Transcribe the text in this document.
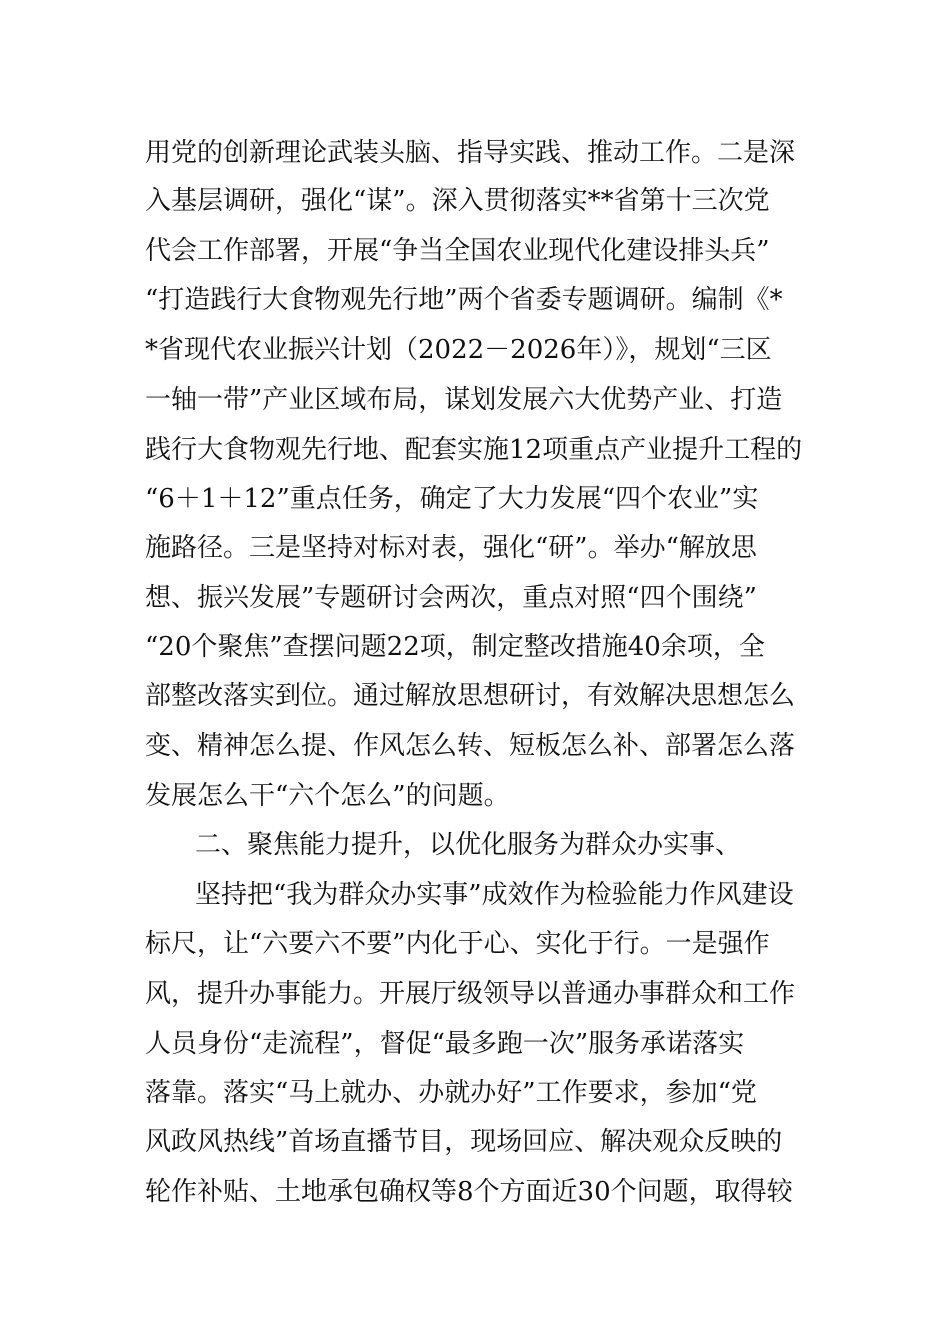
用党的创新理论武装头脑、指导实践、推动工作。二是深
入基层调研，强化“谋”。深入贯彻落实**省第十三次党
代会工作部署，开展“争当全国农业现代化建设排头兵”
“打造践行大食物观先行地”两个省委专题调研。编制《*
*省现代农业振兴计划（2022－2026年）》，规划“三区
一轴一带”产业区域布局，谋划发展六大优势产业、打造
践行大食物观先行地、配套实施12项重点产业提升工程的
“6＋1＋12”重点任务，确定了大力发展“四个农业”实
施路径。三是坚持对标对表，强化“研”。举办“解放思
想、振兴发展”专题研讨会两次，重点对照“四个围绕”
“20个聚焦”查摆问题22项，制定整改措施40余项，全
部整改落实到位。通过解放思想研讨，有效解决思想怎么
变、精神怎么提、作风怎么转、短板怎么补、部署怎么落
发展怎么干“六个怎么”的问题。
二、聚焦能力提升，以优化服务为群众办实事、
坚持把“我为群众办实事”成效作为检验能力作风建设
标尺，让“六要六不要”内化于心、实化于行。一是强作
风，提升办事能力。开展厅级领导以普通办事群众和工作
人员身份“走流程”，督促“最多跑一次”服务承诺落实
落靠。落实“马上就办、办就办好”工作要求，参加“党
风政风热线”首场直播节目，现场回应、解决观众反映的
轮作补贴、土地承包确权等8个方面近30个问题，取得较
